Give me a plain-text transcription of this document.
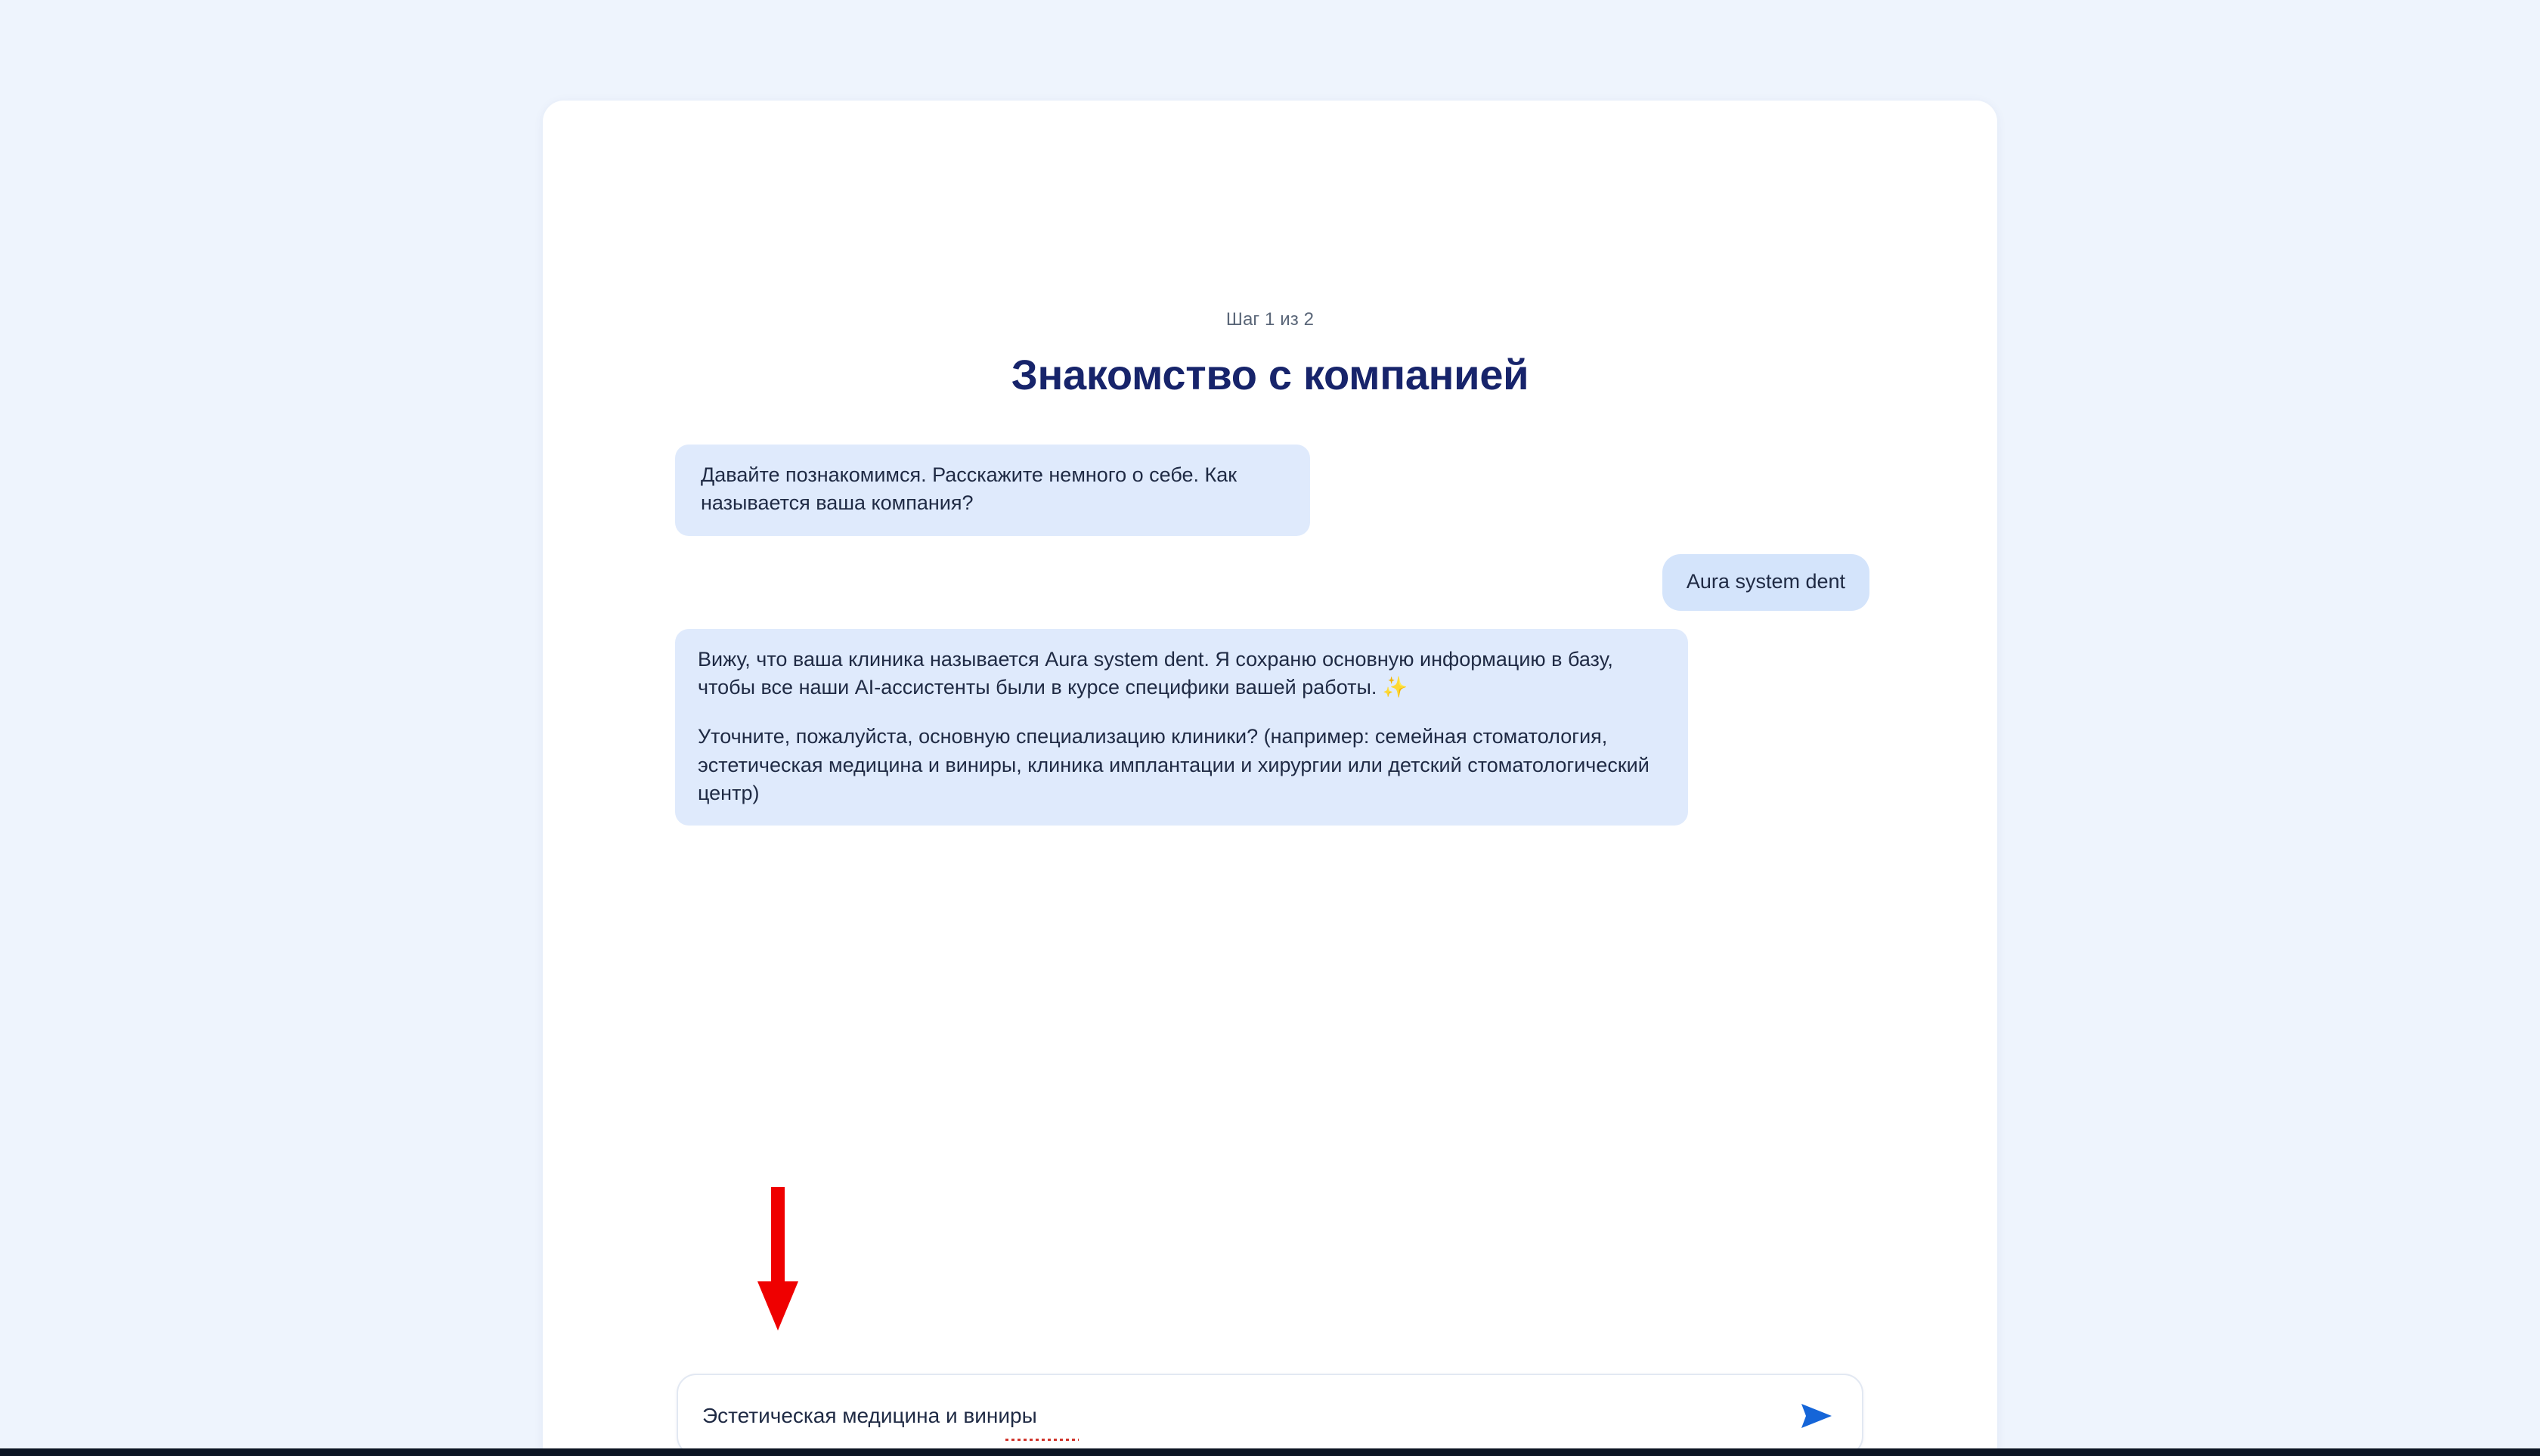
Шаг 1 из 2
Знакомство с компанией

Давайте познакомимся. Расскажите немного о себе. Как называется ваша компания?

Aura system dent

Вижу, что ваша клиника называется Aura system dent. Я сохраню основную информацию в базу, чтобы все наши AI-ассистенты были в курсе специфики вашей работы. ✨

Уточните, пожалуйста, основную специализацию клиники? (например: семейная стоматология, эстетическая медицина и виниры, клиника имплантации и хирургии или детский стоматологический центр)

Эстетическая медицина и виниры
